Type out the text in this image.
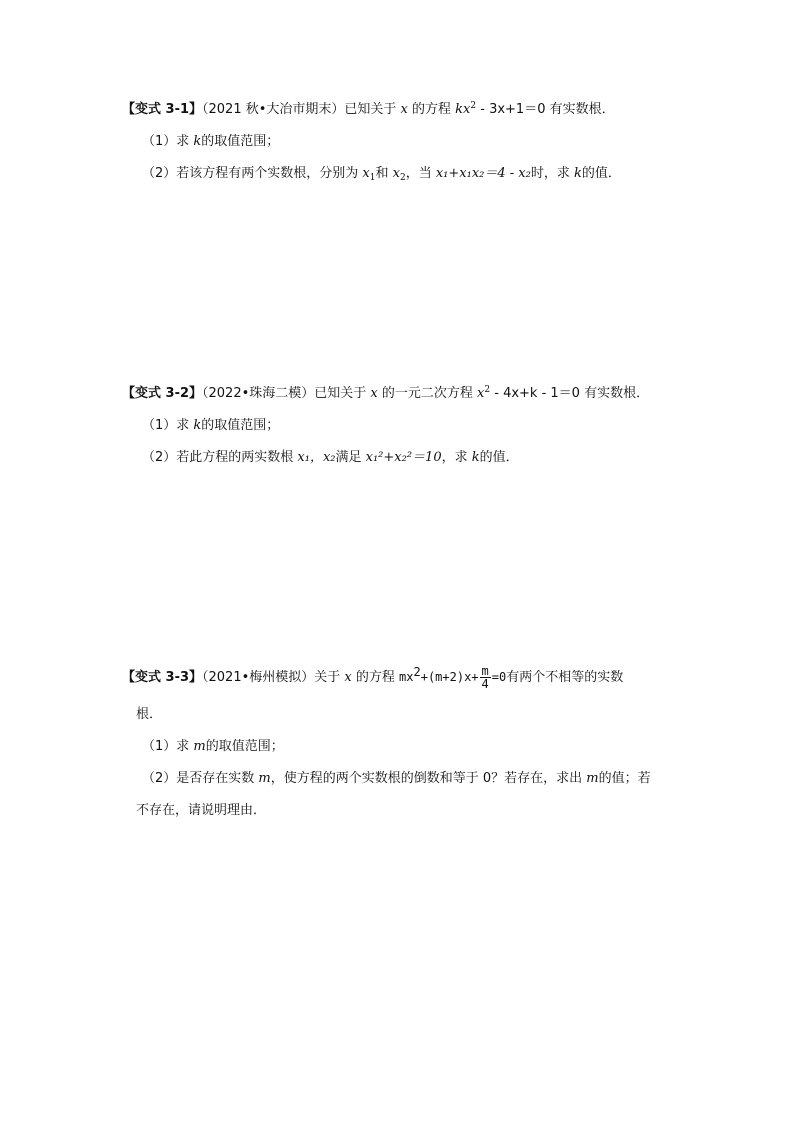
【变式 3-1】（2021 秋•大冶市期末）已知关于 x 的方程 $kx^2 - 3x+1=0$ 有实数根．
（1）求 k的取值范围；
（2）若该方程有两个实数根，分别为 $x_1$和 $x_2$，当 x₁+x₁x₂＝4 - x₂时，求 k的值．
【变式 3-2】（2022•珠海二模）已知关于 x 的一元二次方程 $x^2 - 4x+k - 1=0$ 有实数根．
（1）求 k的取值范围；
（2）若此方程的两实数根 x₁，x₂满足 x₁²+x₂²＝10，求 k的值．
【变式 3-3】（2021•梅州模拟）关于 x 的方程 $mx^2+(m+2)x+ \frac{m}{4} =0$有两个不相等的实数
根．
（1）求 m的取值范围；
（2）是否存在实数 m，使方程的两个实数根的倒数和等于 0？若存在，求出 m的值；若
不存在，请说明理由．
